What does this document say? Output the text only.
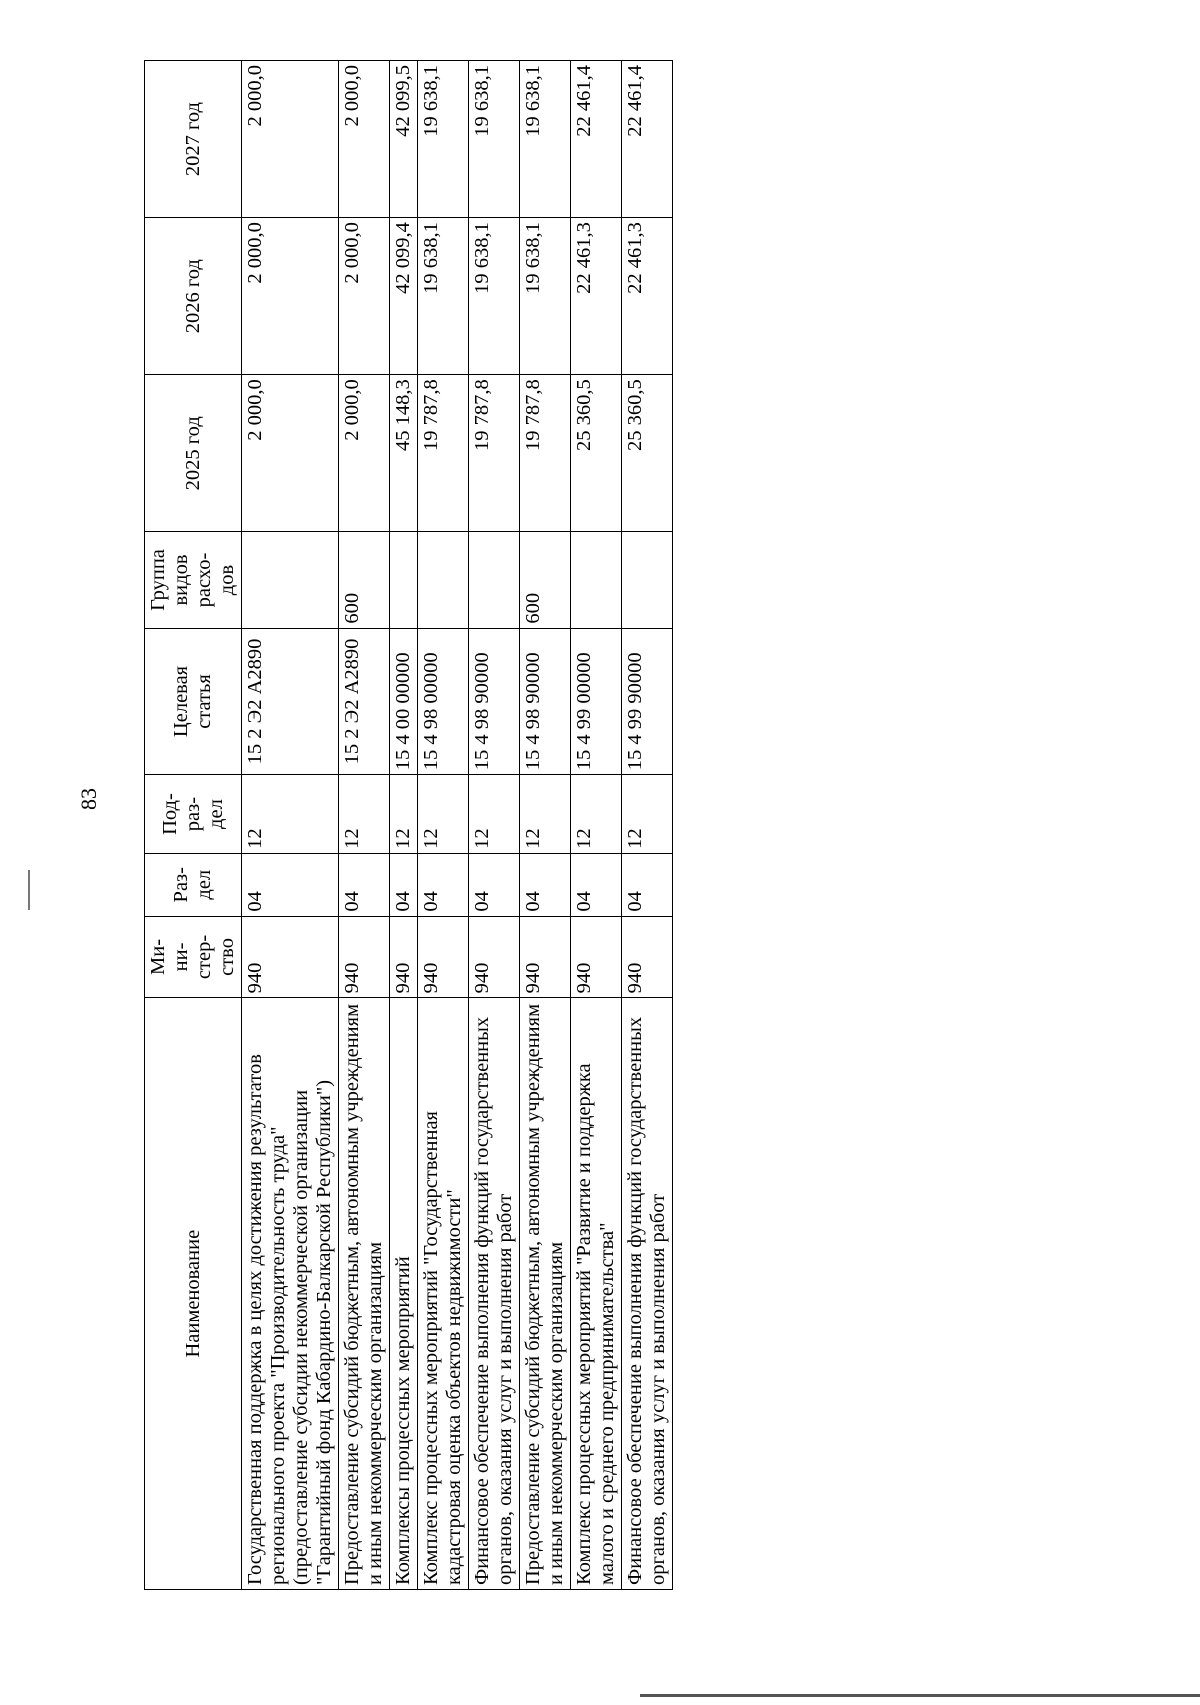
83
Наименование	Ми-
ни-
стер-
ство	Раз-
дел	Под-
раз-
дел	Целевая
статья	Группа
видов
расхо-
дов	2025 год	2026 год	2027 год
Государственная поддержка в целях достижения результатов регионального проекта "Производительность труда" (предоставление субсидии некоммерческой организации "Гарантийный фонд Кабардино-Балкарской Республики")	940	04	12	15 2 Э2 А2890		2 000,0	2 000,0	2 000,0
Предоставление субсидий бюджетным, автономным учреждениям и иным некоммерческим организациям	940	04	12	15 2 Э2 А2890	600	2 000,0	2 000,0	2 000,0
Комплексы процессных мероприятий	940	04	12	15 4 00 00000		45 148,3	42 099,4	42 099,5
Комплекс процессных мероприятий "Государственная кадастровая оценка объектов недвижимости"	940	04	12	15 4 98 00000		19 787,8	19 638,1	19 638,1
Финансовое обеспечение выполнения функций государственных органов, оказания услуг и выполнения работ	940	04	12	15 4 98 90000		19 787,8	19 638,1	19 638,1
Предоставление субсидий бюджетным, автономным учреждениям и иным некоммерческим организациям	940	04	12	15 4 98 90000	600	19 787,8	19 638,1	19 638,1
Комплекс процессных мероприятий "Развитие и поддержка малого и среднего предпринимательства"	940	04	12	15 4 99 00000		25 360,5	22 461,3	22 461,4
Финансовое обеспечение выполнения функций государственных органов, оказания услуг и выполнения работ	940	04	12	15 4 99 90000		25 360,5	22 461,3	22 461,4
